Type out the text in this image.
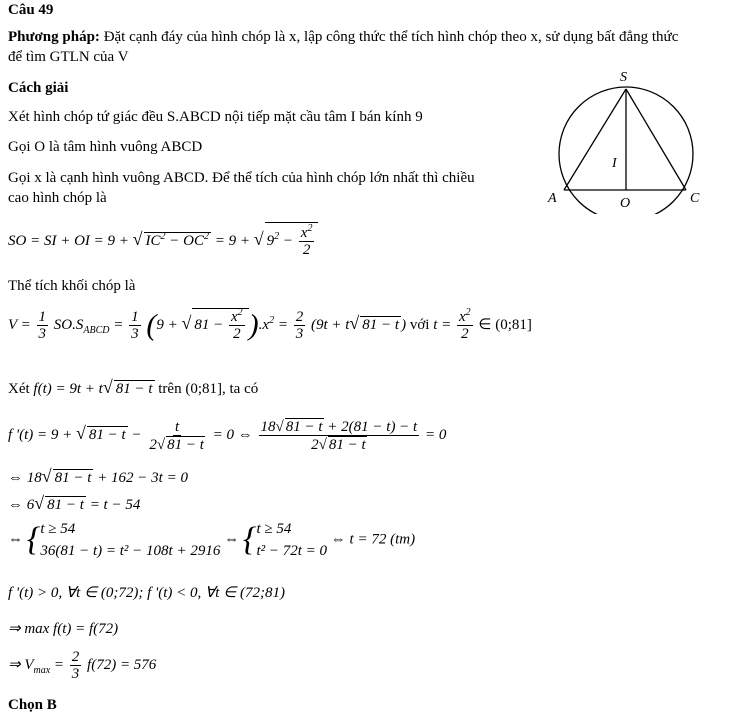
Câu 49
Phương pháp: Đặt cạnh đáy của hình chóp là x, lập công thức thể tích hình chóp theo x, sử dụng bất đẳng thức
để tìm GTLN của V
Cách giải
Xét hình chóp tứ giác đều S.ABCD nội tiếp mặt cầu tâm I bán kính 9
Gọi O là tâm hình vuông ABCD
Gọi x là cạnh hình vuông ABCD. Để thể tích của hình chóp lớn nhất thì chiều
cao hình chóp là
S
A	C
O
I
SO = SI + OI = 9 + √ $IC^2 - OC^2 = 9$ + √ $9^2 - \frac{x^2}{2}$
Thể tích khối chóp là
$V = \frac{1}{3} SO.S_{ABCD} = \frac{1}{3} (9$ + √ $81 - \frac{x^2}{2} ).x^2 = \frac{2}{3} (9t + t√$ 81 − t ) với $t = \frac{x^2}{2}$ ∈ (0;81]
Xét f(t) = 9t + t√ 81 − t trên (0;81], ta có
f '(t) = 9 + √ $81 - t - \frac{t}{2√ 81 - t} = 0$ ⇔ $\frac{18√ 81 - t + 2(81 - t) - t}{2√ 81 - t} = 0$
⇔ 18√ 81 − t + 162 − 3t = 0
⇔ 6√ 81 − t = t − 54
⇔ { t ≥ 54
36(81 − t) = t² − 108t + 2916
⇔ { t ≥ 54
t² − 72t = 0
⇔ t = 72 (tm)
f '(t) > 0, ∀t ∈ (0;72); f '(t) < 0, ∀t ∈ (72;81)
⇒ max f(t) = f(72)
⇒ $V_{max} = \frac{2}{3} f(72) = 576$
Chọn B
